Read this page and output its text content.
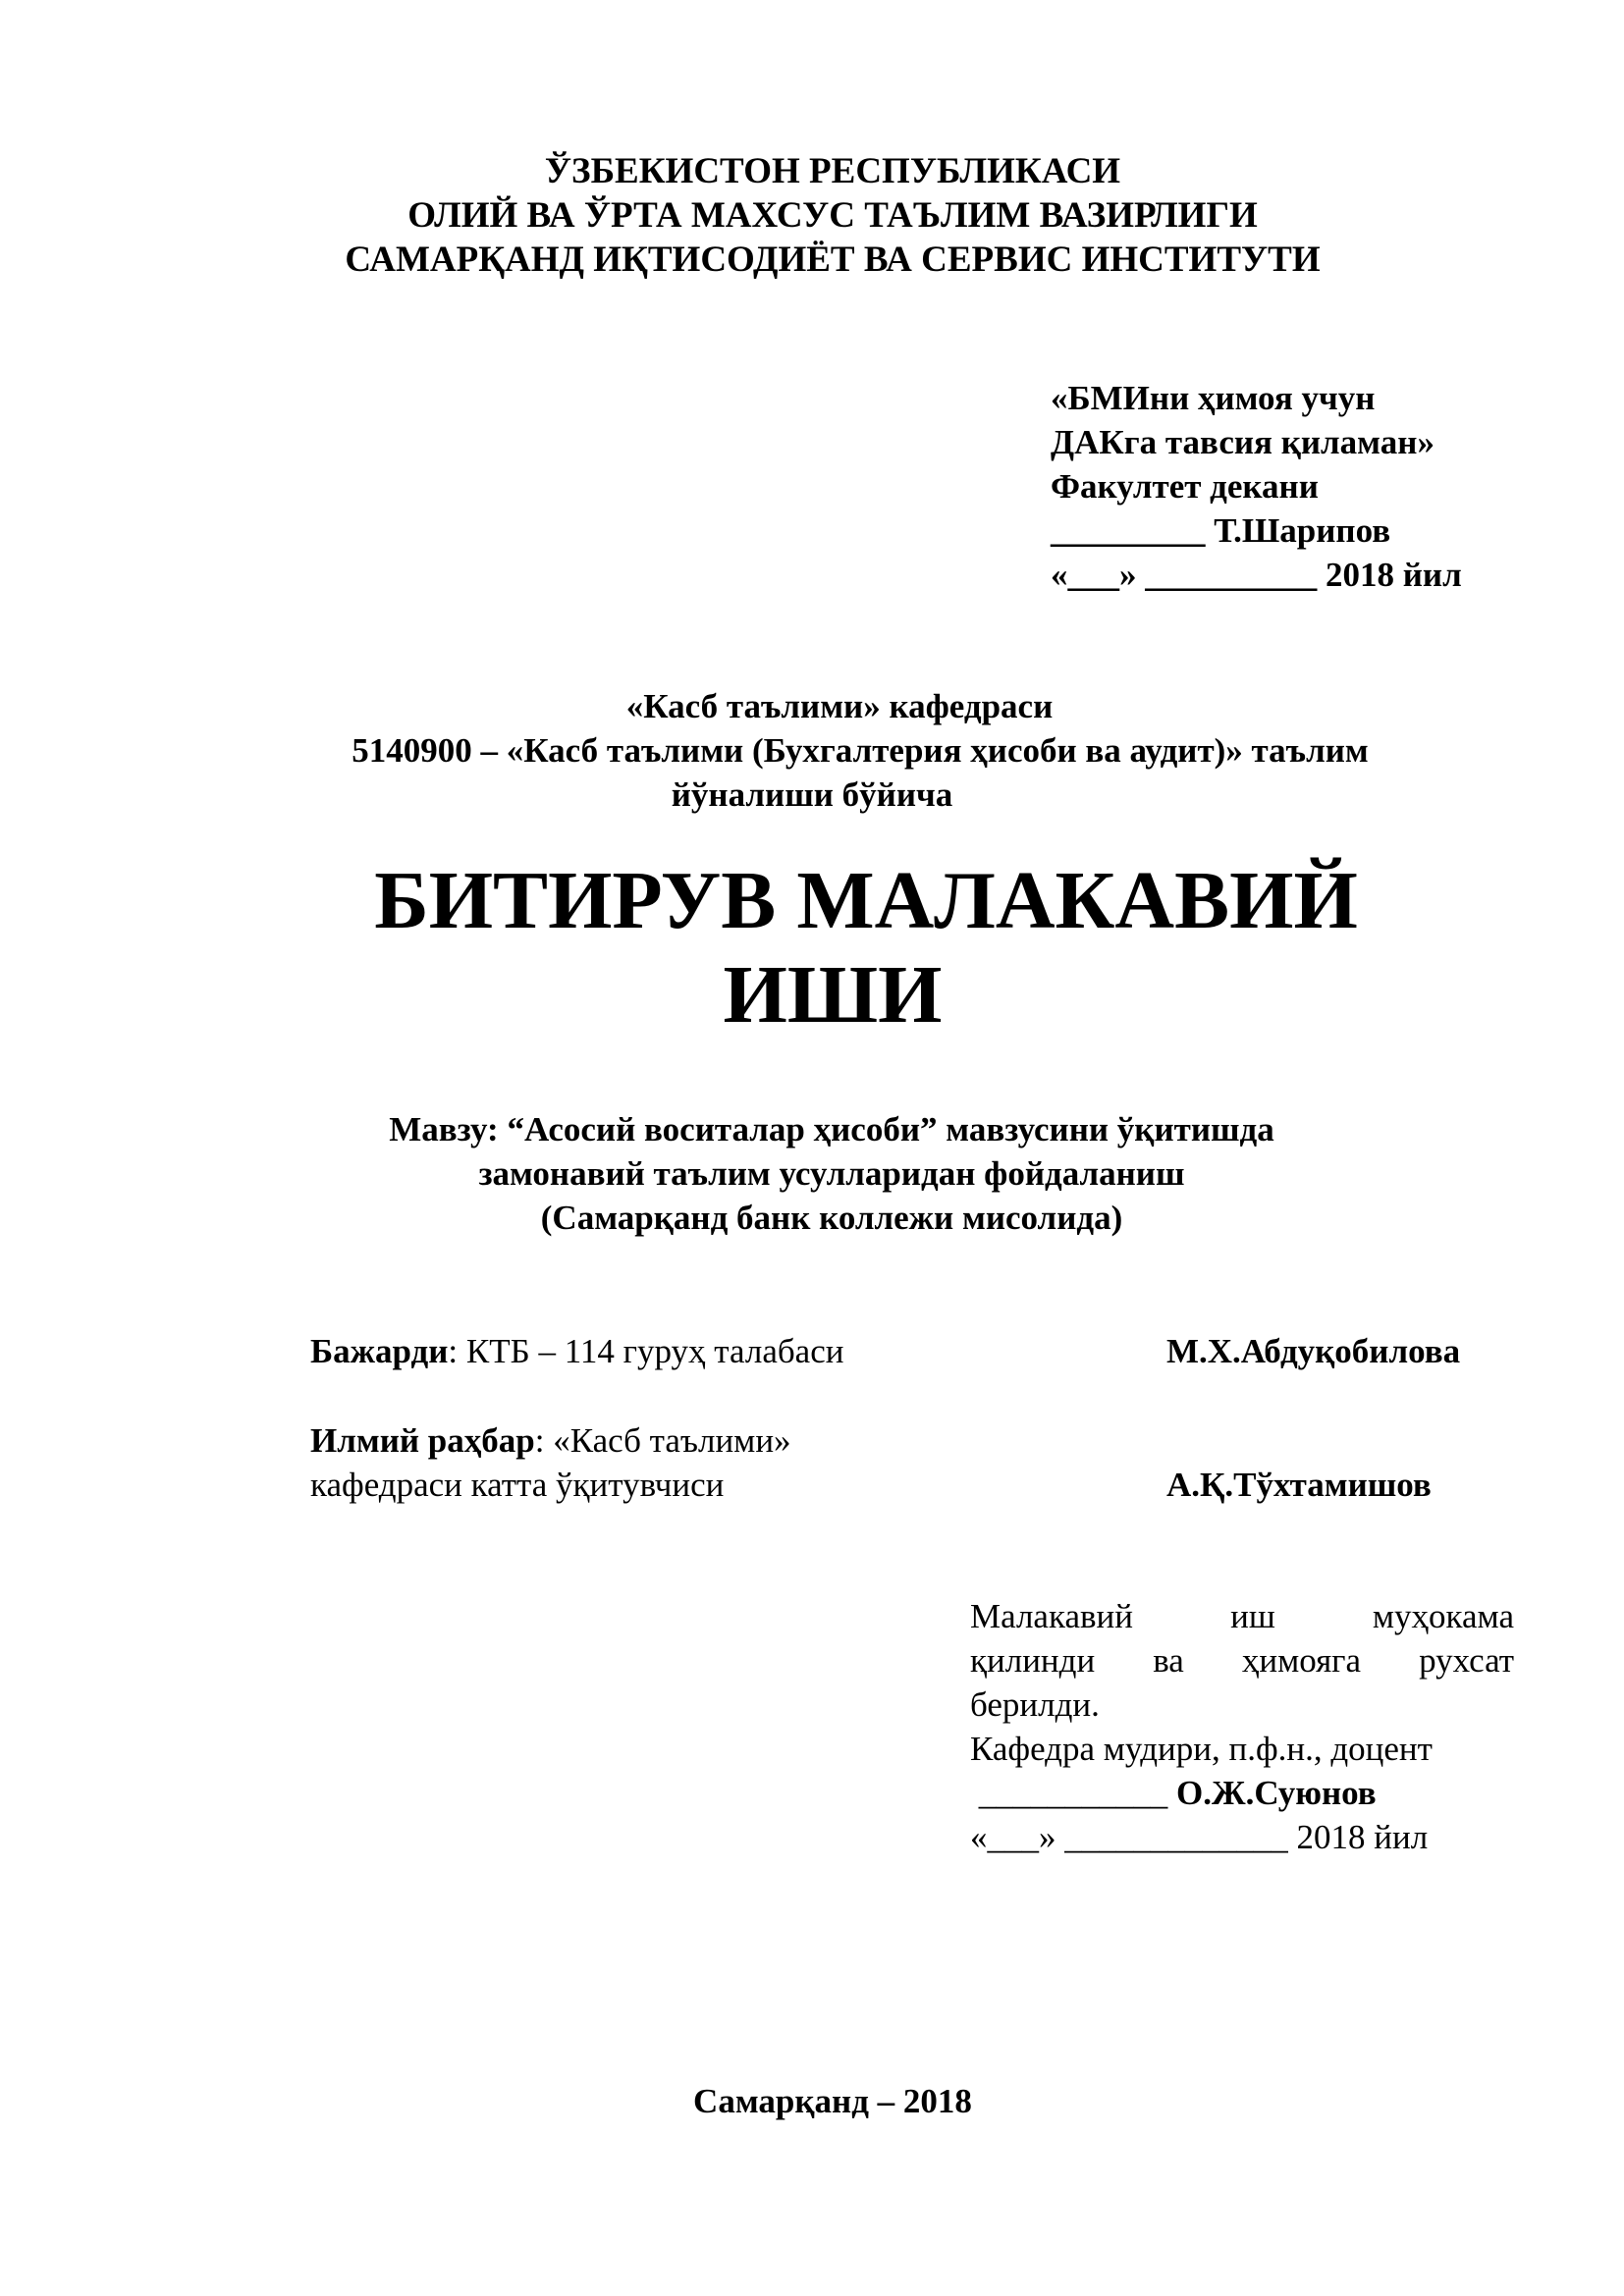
ЎЗБЕКИСТОН РЕСПУБЛИКАСИ
ОЛИЙ ВА ЎРТА МАХСУС ТАЪЛИМ ВАЗИРЛИГИ
САМАРҚАНД ИҚТИСОДИЁТ ВА СЕРВИС ИНСТИТУТИ
«БМИни ҳимоя учун
ДАКга тавсия қиламан»
Факултет декани
_________ Т.Шарипов
«___» __________ 2018 йил
«Касб таълими» кафедраси
5140900 – «Касб таълими (Бухгалтерия ҳисоби ва аудит)» таълим
йўналиши бўйича
БИТИРУВ МАЛАКАВИЙ
ИШИ
Мавзу: “Асосий воситалар ҳисоби” мавзусини ўқитишда
замонавий таълим усулларидан фойдаланиш
(Самарқанд банк коллежи мисолида)
Бажарди: КТБ – 114 гуруҳ талабаси	М.Х.Абдуқобилова
Илмий раҳбар: «Касб таълими»
кафедраси катта ўқитувчиси	А.Қ.Тўхтамишов
Малакавий иш муҳокама
қилинди ва ҳимояга рухсат
берилди.
Кафедра мудири, п.ф.н., доцент
___________ О.Ж.Суюнов
«___» _____________ 2018 йил
Самарқанд – 2018
